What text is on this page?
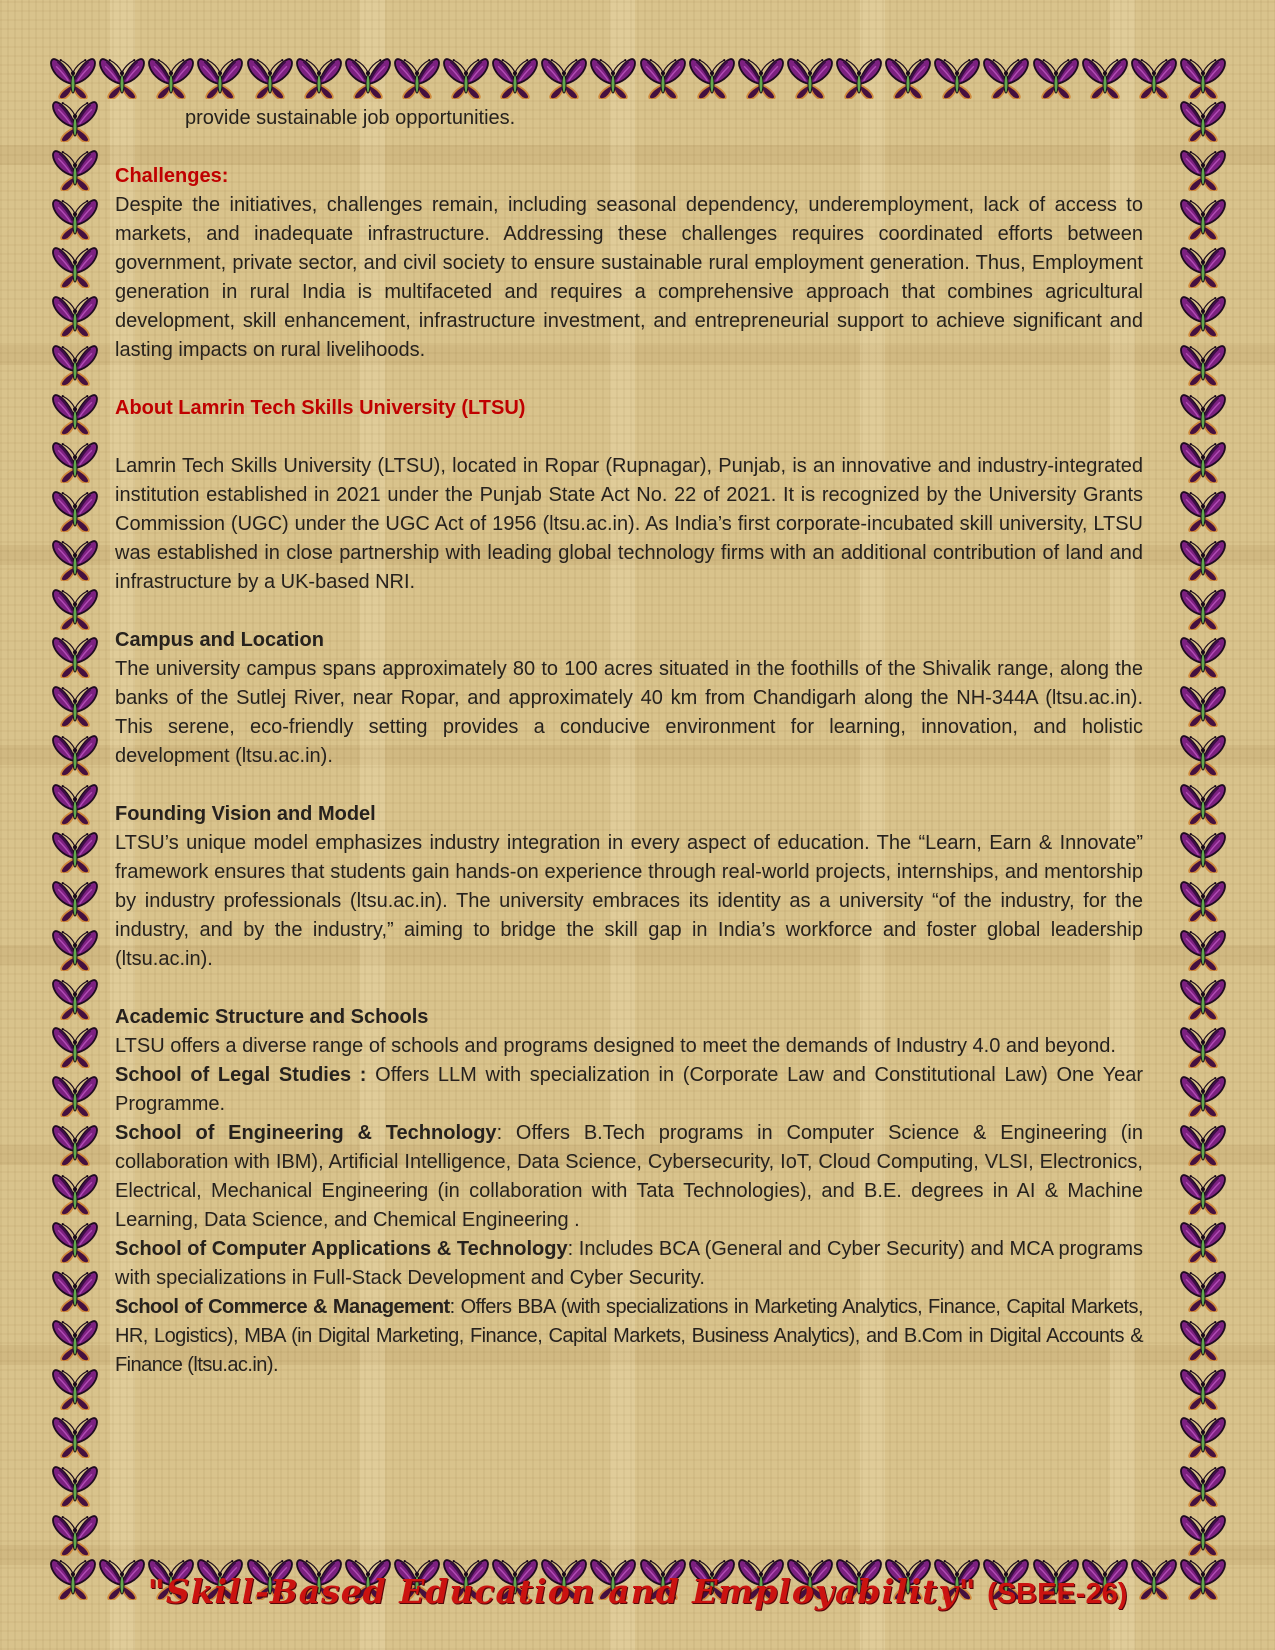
provide sustainable job opportunities.

Challenges:

Despite the initiatives, challenges remain, including seasonal dependency, underemployment, lack of access to markets, and inadequate infrastructure. Addressing these challenges requires coordinated efforts between government, private sector, and civil society to ensure sustainable rural employment generation. Thus, Employment generation in rural India is multifaceted and requires a comprehensive approach that combines agricultural development, skill enhancement, infrastructure investment, and entrepreneurial support to achieve significant and lasting impacts on rural livelihoods.

About Lamrin Tech Skills University (LTSU)

Lamrin Tech Skills University (LTSU), located in Ropar (Rupnagar), Punjab, is an innovative and industry-integrated institution established in 2021 under the Punjab State Act No. 22 of 2021. It is recognized by the University Grants Commission (UGC) under the UGC Act of 1956 (ltsu.ac.in). As India’s first corporate-incubated skill university, LTSU was established in close partnership with leading global technology firms with an additional contribution of land and infrastructure by a UK-based NRI.

Campus and Location

The university campus spans approximately 80 to 100 acres situated in the foothills of the Shivalik range, along the banks of the Sutlej River, near Ropar, and approximately 40 km from Chandigarh along the NH-344A (ltsu.ac.in). This serene, eco-friendly setting provides a conducive environment for learning, innovation, and holistic development (ltsu.ac.in).

Founding Vision and Model

LTSU’s unique model emphasizes industry integration in every aspect of education. The “Learn, Earn & Innovate” framework ensures that students gain hands-on experience through real-world projects, internships, and mentorship by industry professionals (ltsu.ac.in). The university embraces its identity as a university “of the industry, for the industry, and by the industry,” aiming to bridge the skill gap in India’s workforce and foster global leadership (ltsu.ac.in).

Academic Structure and Schools

LTSU offers a diverse range of schools and programs designed to meet the demands of Industry 4.0 and beyond.

School of Legal Studies : Offers LLM with specialization in (Corporate Law and Constitutional Law) One Year Programme.

School of Engineering & Technology: Offers B.Tech programs in Computer Science & Engineering (in collaboration with IBM), Artificial Intelligence, Data Science, Cybersecurity, IoT, Cloud Computing, VLSI, Electronics, Electrical, Mechanical Engineering (in collaboration with Tata Technologies), and B.E. degrees in AI & Machine Learning, Data Science, and Chemical Engineering .

School of Computer Applications & Technology: Includes BCA (General and Cyber Security) and MCA programs with specializations in Full-Stack Development and Cyber Security.

School of Commerce & Management: Offers BBA (with specializations in Marketing Analytics, Finance, Capital Markets, HR, Logistics), MBA (in Digital Marketing, Finance, Capital Markets, Business Analytics), and B.Com in Digital Accounts & Finance (ltsu.ac.in).

"Skill-Based Education and Employability" (SBEE-26)
